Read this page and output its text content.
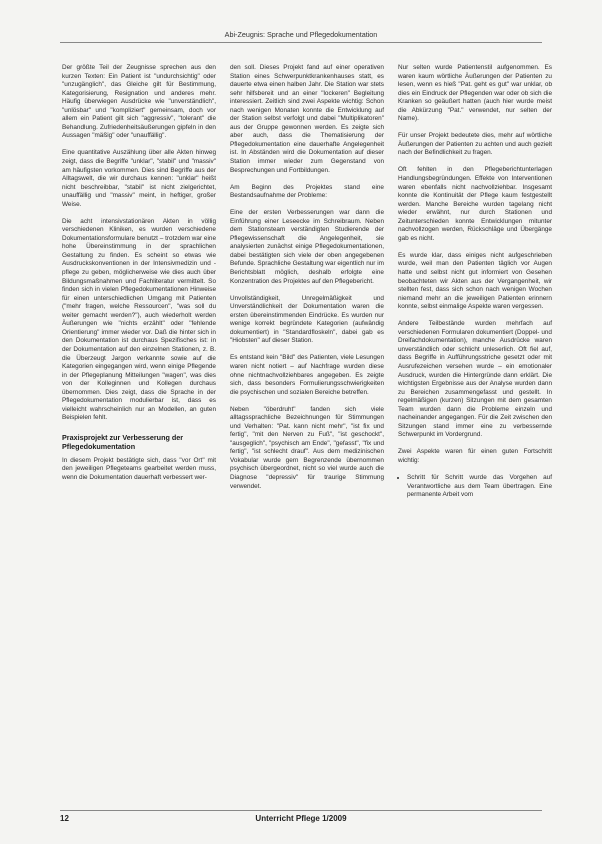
Abi-Zeugnis: Sprache und Pflegedokumentation

Der größte Teil der Zeugnisse sprechen aus den kurzen Texten: Ein Patient ist "undurchsichtig" oder "unzugänglich", das Gleiche gilt für Bestimmung, Kategorisierung, Resignation und anderes mehr. Häufig überwiegen Ausdrücke wie "unverständlich", "unlösbar" und "kompliziert" gemeinsam, doch vor allem ein Patient gilt sich "aggressiv", "tolerant" die Behandlung. Zufriedenheitsäußerungen gipfeln in den Aussagen "mäßig" oder "unauffällig".

Eine quantitative Auszählung über alle Akten hinweg zeigt, dass die Begriffe "unklar", "stabil" und "massiv" am häufigsten vorkommen. Dies sind Begriffe aus der Alltagswelt, die wir durchaus kennen: "unklar" heißt nicht beschreibbar, "stabil" ist nicht zielgerichtet, unauffällig und "massiv" meint, in heftiger, großer Weise.

Die acht intensivstationären Akten in völlig verschiedenen Kliniken, es wurden verschiedene Dokumentationsformulare benutzt – trotzdem war eine hohe Übereinstimmung in der sprachlichen Gestaltung zu finden. Es scheint so etwas wie Ausdruckskonventionen in der Intensivmedizin und -pflege zu geben, möglicherweise wie dies auch über Bildungsmaßnahmen und Fachliteratur vermittelt. So finden sich in vielen Pflegedokumentationen Hinweise für einen unterschiedlichen Umgang mit Patienten ("mehr fragen, welche Ressourcen", "was soll du weiter gemacht werden?"), auch wiederholt werden Äußerungen wie "nichts erzählt" oder "fehlende Orientierung" immer wieder vor. Daß die hinter sich in den Dokumentation ist durchaus Spezifisches ist: in der Dokumentation auf den einzelnen Stationen, z. B. die Überzeugt Jargon verkannte sowie auf die Kategorien eingegangen wird, wenn einige Pflegende in der Pflegeplanung Mitteilungen "wagen", was dies von der Kolleginnen und Kollegen durchaus übernommen. Dies zeigt, dass die Sprache in der Pflegedokumentation modulierbar ist, dass es vielleicht wahrscheinlich nur an Modellen, an guten Beispielen fehlt.

Praxisprojekt zur Verbesserung der Pflegedokumentation

In diesem Projekt bestätigte sich, dass "vor Ort" mit den jeweiligen Pflegeteams gearbeitet werden muss, wenn die Dokumentation dauerhaft verbessert wer-

den soll. Dieses Projekt fand auf einer operativen Station eines Schwerpunktkrankenhauses statt, es dauerte etwa einen halben Jahr. Die Station war stets sehr hilfsbereit und an einer "lockeren" Begleitung interessiert. Zeitlich sind zwei Aspekte wichtig: Schon nach wenigen Monaten konnte die Entwicklung auf der Station selbst verfolgt und dabei "Multiplikatoren" aus der Gruppe gewonnen werden. Es zeigte sich aber auch, dass die Thematisierung der Pflegedokumentation eine dauerhafte Angelegenheit ist. In Abständen wird die Dokumentation auf dieser Station immer wieder zum Gegenstand von Besprechungen und Fortbildungen.

Am Beginn des Projektes stand eine Bestandsaufnahme der Probleme:

Eine der ersten Verbesserungen war dann die Einführung einer Leseecke im Schreibraum. Neben dem Stationsteam verständigten Studierende der Pflegewissenschaft die Angelegenheit, sie analysierten zunächst einige Pflegedokumentationen, dabei bestätigten sich viele der oben angegebenen Befunde. Sprachliche Gestaltung war eigentlich nur im Berichtsblatt möglich, deshalb erfolgte eine Konzentration des Projektes auf den Pflegebericht.

Unvollständigkeit, Unregelmäßigkeit und Unverständlichkeit der Dokumentation waren die ersten übereinstimmenden Eindrücke. Es wurden nur wenige korrekt begründete Kategorien (aufwändig dokumentiert) in "Standardfloskeln", dabei gab es "Hiobsten" auf dieser Station.

Es entstand kein "Bild" des Patienten, viele Lesungen waren nicht notiert – auf Nachfrage wurden diese ohne nichtnachvollziehbares angegeben. Es zeigte sich, dass besonders Formulierungsschwierigkeiten die psychischen und sozialen Bereiche betreffen.

Neben "öberdruht" fanden sich viele alltagssprachliche Bezeichnungen für Stimmungen und Verhalten: "Pat. kann nicht mehr", "ist fix und fertig", "mit den Nerven zu Fuß", "ist geschockt", "ausgeglich", "psychisch am Ende", "gefasst", "fix und fertig", "ist schlecht drauf". Aus dem medizinischen Vokabular wurde gern Begrenzende übernommen psychisch übergeordnet, nicht so viel wurde auch die Diagnose "depressiv" für traurige Stimmung verwendet.

Nur selten wurde Patientenstil aufgenommen. Es waren kaum wörtliche Äußerungen der Patienten zu lesen, wenn es hieß "Pat. geht es gut" war unklar, ob dies ein Eindruck der Pflegenden war oder ob sich die Kranken so geäußert hatten (auch hier wurde meist die Abkürzung "Pat." verwendet, nur selten der Name).

Für unser Projekt bedeutete dies, mehr auf wörtliche Äußerungen der Patienten zu achten und auch gezielt nach der Befindlichkeit zu fragen.

Oft fehlten in den Pflegeberichtunterlagen Handlungsbegründungen. Effekte von Interventionen waren ebenfalls nicht nachvollziehbar. Insgesamt konnte die Kontinuität der Pflege kaum festgestellt werden. Manche Bereiche wurden tagelang nicht wieder erwähnt, nur durch Stationen und Zeitunterschieden konnte Entwicklungen mitunter nachvollzogen werden, Rückschläge und Übergänge gab es nicht.

Es wurde klar, dass einiges nicht aufgeschrieben wurde, weil man den Patienten täglich vor Augen hatte und selbst nicht gut informiert von Gesehen beobachteten wir Akten aus der Vergangenheit, wir stellten fest, dass sich schon nach wenigen Wochen niemand mehr an die jeweiligen Patienten erinnern konnte, selbst einmalige Aspekte waren vergessen.

Andere Teilbestände wurden mehrfach auf verschiedenen Formularen dokumentiert (Doppel- und Dreifachdokumentation), manche Ausdrücke waren unverständlich oder schlicht unleserlich. Oft fiel auf, dass Begriffe in Aufführungsstriche gesetzt oder mit Ausrufezeichen versehen wurde – ein emotionaler Ausdruck, wurden die Hintergründe dann erklärt. Die wichtigsten Ergebnisse aus der Analyse wurden dann zu Bereichen zusammengefasst und gestellt. In regelmäßigen (kurzen) Sitzungen mit dem gesamten Team wurden dann die Probleme einzeln und nacheinander angegangen. Für die Zeit zwischen den Sitzungen stand immer eine zu verbessernde Schwerpunkt im Vordergrund.

Zwei Aspekte waren für einen guten Fortschritt wichtig:

• Schritt für Schritt wurde das Vorgehen auf Verantwortliche aus dem Team übertragen. Eine permanente Arbeit vom
12	Unterricht Pflege 1/2009
